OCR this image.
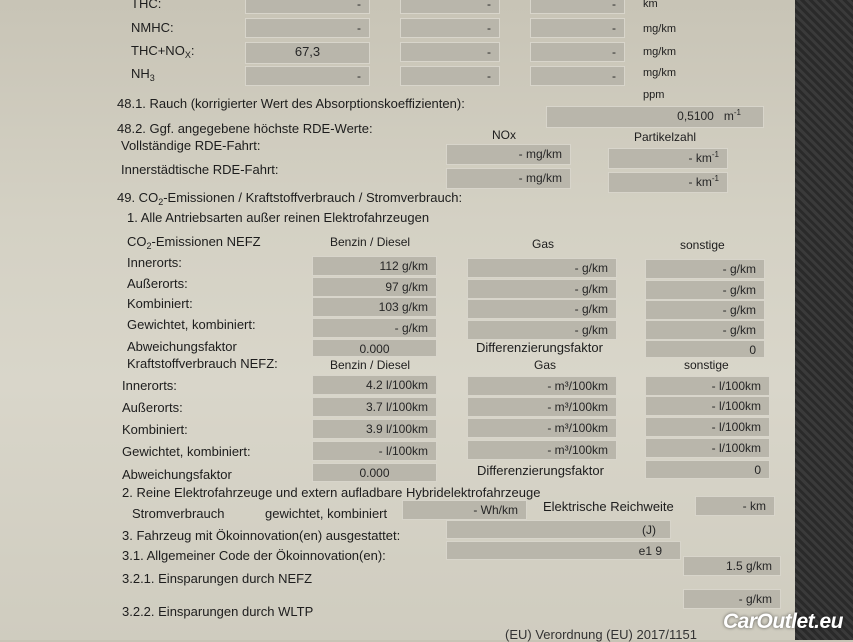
THC:	-	-	-	km
NMHC:	-	-	-	mg/km
$THC+NO_X$:	67,3	-	-	mg/km
$NH_3$	-	-	-	mg/km
ppm
48.1. Rauch (korrigierter Wert des Absorptionskoeffizienten):
0,5100 $m^{-1}$
48.2. Ggf. angegebene höchste RDE-Werte:	NOx	Partikelzahl
Vollständige RDE-Fahrt:
- mg/km	- $km^{-1}$
Innerstädtische RDE-Fahrt:
- mg/km	- $km^{-1}$
49. $CO_2$-Emissionen / Kraftstoffverbrauch / Stromverbrauch:
1. Alle Antriebsarten außer reinen Elektrofahrzeugen
$CO_2$-Emissionen NEFZ	Benzin / Diesel	Gas	sonstige
Innerorts:	112 g/km	- g/km	- g/km
Außerorts:	97 g/km	- g/km	- g/km
Kombiniert:	103 g/km	- g/km	- g/km
Gewichtet, kombiniert:	- g/km	- g/km	- g/km
Abweichungsfaktor	0.000	Differenzierungsfaktor	0
Kraftstoffverbrauch NEFZ:	Benzin / Diesel	Gas	sonstige
Innerorts:	4.2 l/100km	- m³/100km	- l/100km
Außerorts:	3.7 l/100km	- m³/100km	- l/100km
Kombiniert:	3.9 l/100km	- m³/100km	- l/100km
Gewichtet, kombiniert:	- l/100km	- m³/100km	- l/100km
Abweichungsfaktor	0.000	Differenzierungsfaktor	0
2. Reine Elektrofahrzeuge und extern aufladbare Hybridelektrofahrzeuge
Stromverbrauch	gewichtet, kombiniert	- Wh/km	Elektrische Reichweite	- km
3. Fahrzeug mit Ökoinnovation(en) ausgestattet:	(J)
3.1. Allgemeiner Code der Ökoinnovation(en):	e1 9
3.2.1. Einsparungen durch NEFZ
1.5 g/km
3.2.2. Einsparungen durch WLTP
- g/km
(EU) Verordnung (EU) 2017/1151
CarOutlet.eu
